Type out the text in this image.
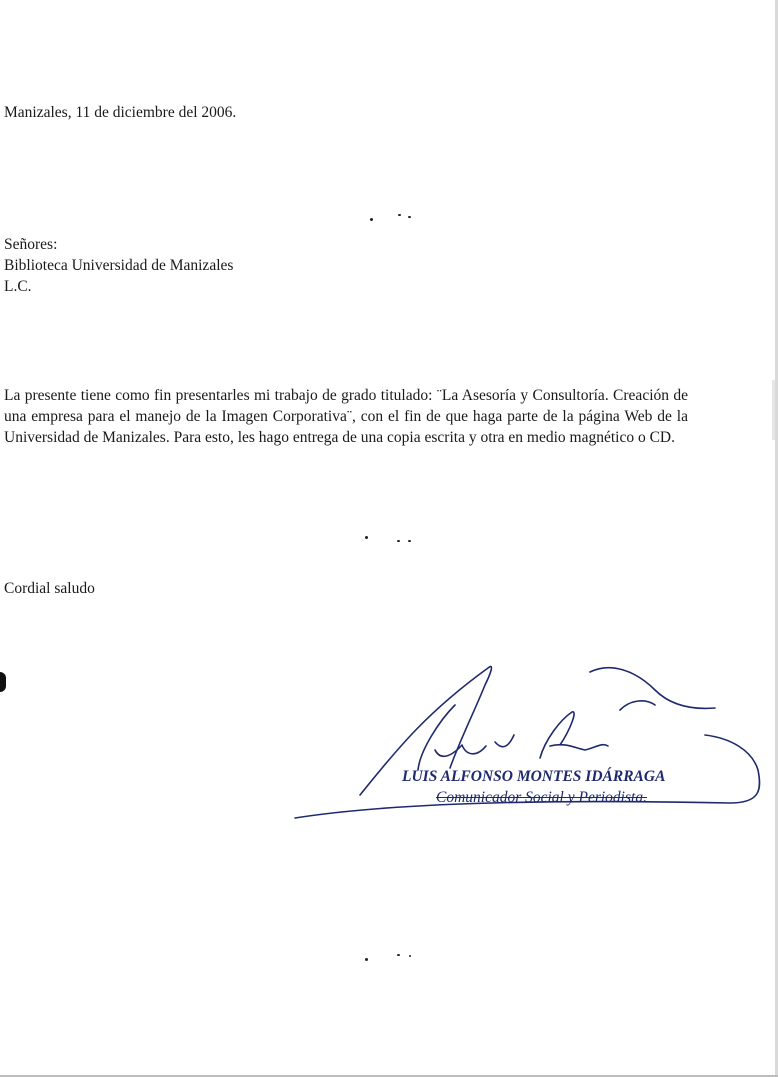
Manizales, 11 de diciembre del 2006.
Señores:
Biblioteca Universidad de Manizales
L.C.
La presente tiene como fin presentarles mi trabajo de grado titulado: ¨La Asesoría y Consultoría. Creación de una empresa para el manejo de la Imagen Corporativa¨, con el fin de que haga parte de la página Web de la Universidad de Manizales. Para esto, les hago entrega de una copia escrita y otra en medio magnético o CD.
Cordial saludo
LUIS ALFONSO MONTES IDÁRRAGA
Comunicador Social y Periodista.
